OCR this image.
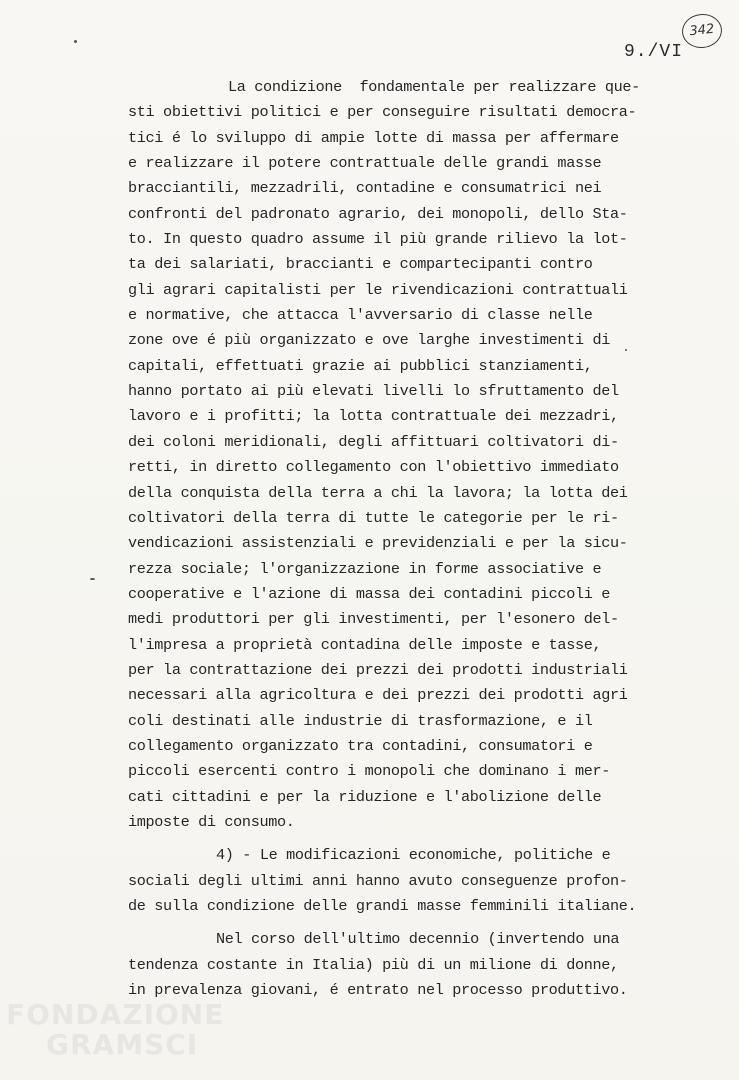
342
9./VI
La condizione  fondamentale per realizzare que-
sti obiettivi politici e per conseguire risultati democra-
tici é lo sviluppo di ampie lotte di massa per affermare
e realizzare il potere contrattuale delle grandi masse
bracciantili, mezzadrili, contadine e consumatrici nei
confronti del padronato agrario, dei monopoli, dello Sta-
to. In questo quadro assume il più grande rilievo la lot-
ta dei salariati, braccianti e compartecipanti contro
gli agrari capitalisti per le rivendicazioni contrattuali
e normative, che attacca l'avversario di classe nelle
zone ove é più organizzato e ove larghe investimenti di
capitali, effettuati grazie ai pubblici stanziamenti,
hanno portato ai più elevati livelli lo sfruttamento del
lavoro e i profitti; la lotta contrattuale dei mezzadri,
dei coloni meridionali, degli affittuari coltivatori di-
retti, in diretto collegamento con l'obiettivo immediato
della conquista della terra a chi la lavora; la lotta dei
coltivatori della terra di tutte le categorie per le ri-
vendicazioni assistenziali e previdenziali e per la sicu-
rezza sociale; l'organizzazione in forme associative e
cooperative e l'azione di massa dei contadini piccoli e
medi produttori per gli investimenti, per l'esonero del-
l'impresa a proprietà contadina delle imposte e tasse,
per la contrattazione dei prezzi dei prodotti industriali
necessari alla agricoltura e dei prezzi dei prodotti agri
coli destinati alle industrie di trasformazione, e il
collegamento organizzato tra contadini, consumatori e
piccoli esercenti contro i monopoli che dominano i mer-
cati cittadini e per la riduzione e l'abolizione delle
imposte di consumo.
4) - Le modificazioni economiche, politiche e
sociali degli ultimi anni hanno avuto conseguenze profon-
de sulla condizione delle grandi masse femminili italiane.
Nel corso dell'ultimo decennio (invertendo una
tendenza costante in Italia) più di un milione di donne,
in prevalenza giovani, é entrato nel processo produttivo.
FONDAZIONE
GRAMSCI
